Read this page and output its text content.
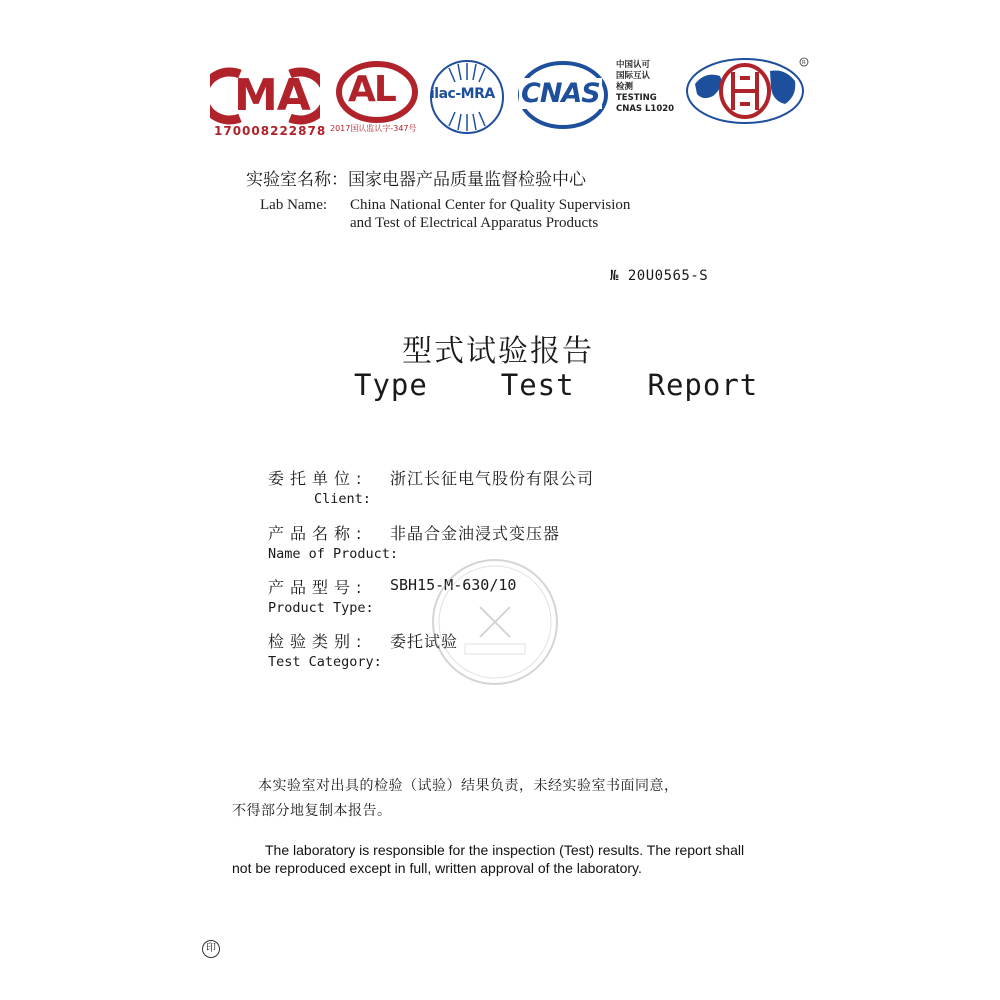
MA
170008222878
AL
2017国认监认字-347号
ilac-MRA CNAS
中国认可
国际互认
检测
TESTING
CNAS L1020
R
实验室名称：国家电器产品质量监督检验中心
Lab Name: China National Center for Quality Supervision
and Test of Electrical Apparatus Products
№ 20U0565-S
型式试验报告
Type  Test  Report
委托单位: 浙江长征电气股份有限公司
Client:
产品名称: 非晶合金油浸式变压器
Name of Product:
产品型号: SBH15-M-630/10
Product Type:
检验类别: 委托试验
Test Category:
本实验室对出具的检验（试验）结果负责，未经实验室书面同意，
不得部分地复制本报告。
The laboratory is responsible for the inspection (Test) results. The report shall
not be reproduced except in full, written approval of the laboratory.
印
